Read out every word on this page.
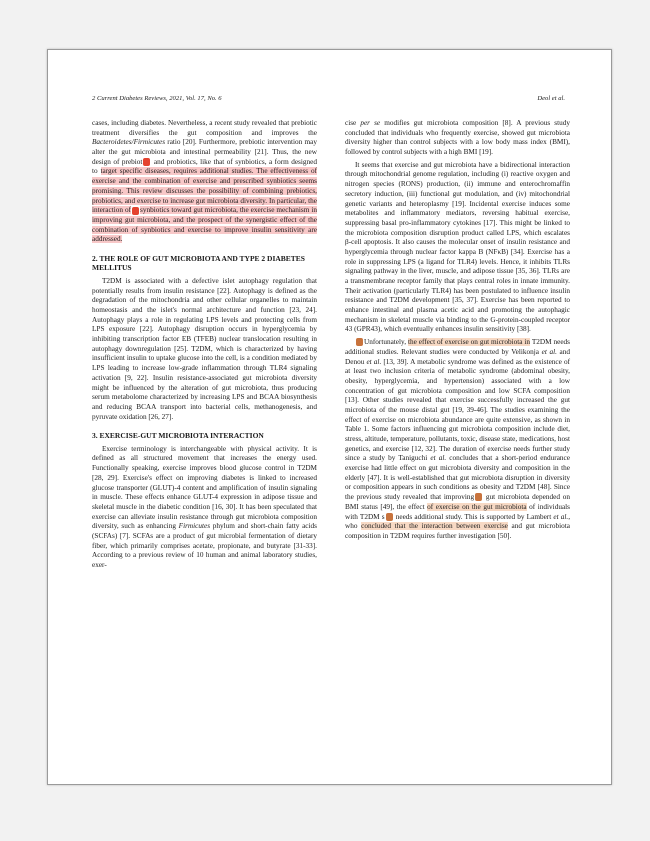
2 Current Diabetes Reviews, 2021, Vol. 17, No. 6	Deol et al.

cases, including diabetes. Nevertheless, a recent study revealed that prebiotic treatment diversifies the gut composition and improves the Bacteroidetes/Firmicutes ratio [20]. Furthermore, prebiotic intervention may alter the gut microbiota and intestinal permeability [21]. Thus, the new design of prebiot and probiotics, like that of synbiotics, a form designed to target specific diseases, requires additional studies. The effectiveness of exercise and the combination of exercise and prescribed synbiotics seems promising. This review discusses the possibility of combining prebiotics, probiotics, and exercise to increase gut microbiota diversity. In particular, the interaction of synbiotics toward gut microbiota, the exercise mechanism in improving gut microbiota, and the prospect of the synergistic effect of the combination of synbiotics and exercise to improve insulin sensitivity are addressed.

2. THE ROLE OF GUT MICROBIOTA AND TYPE 2 DIABETES MELLITUS

T2DM is associated with a defective islet autophagy regulation that potentially results from insulin resistance [22]. Autophagy is defined as the degradation of the mitochondria and other cellular organelles to maintain homeostasis and the islet's normal architecture and function [23, 24]. Autophagy plays a role in regulating LPS levels and protecting cells from LPS exposure [22]. Autophagy disruption occurs in hyperglycemia by inhibiting transcription factor EB (TFEB) nuclear translocation resulting in autophagy downregulation [25]. T2DM, which is characterized by having insufficient insulin to uptake glucose into the cell, is a condition mediated by LPS leading to increase low-grade inflammation through TLR4 signaling activation [9, 22]. Insulin resistance-associated gut microbiota diversity might be influenced by the alteration of gut microbiota, thus producing serum metabolome characterized by increasing LPS and BCAA biosynthesis and reducing BCAA transport into bacterial cells, methanogenesis, and pyruvate oxidation [26, 27].

3. EXERCISE-GUT MICROBIOTA INTERACTION

Exercise terminology is interchangeable with physical activity. It is defined as all structured movement that increases the energy used. Functionally speaking, exercise improves blood glucose control in T2DM [28, 29]. Exercise's effect on improving diabetes is linked to increased glucose transporter (GLUT)-4 content and amplification of insulin signaling in muscle. These effects enhance GLUT-4 expression in adipose tissue and skeletal muscle in the diabetic condition [16, 30]. It has been speculated that exercise can alleviate insulin resistance through gut microbiota composition diversity, such as enhancing Firmicutes phylum and short-chain fatty acids (SCFAs) [7]. SCFAs are a product of gut microbial fermentation of dietary fiber, which primarily comprises acetate, propionate, and butyrate [31-33]. According to a previous review of 10 human and animal laboratory studies, exer-

cise per se modifies gut microbiota composition [8]. A previous study concluded that individuals who frequently exercise, showed gut microbiota diversity higher than control subjects with a low body mass index (BMI), followed by control subjects with a high BMI [19].

It seems that exercise and gut microbiota have a bidirectional interaction through mitochondrial genome regulation, including (i) reactive oxygen and nitrogen species (RONS) production, (ii) immune and enterochromaffin secretory induction, (iii) functional gut modulation, and (iv) mitochondrial genetic variants and heteroplasmy [19]. Incidental exercise induces some metabolites and inflammatory mediators, reversing habitual exercise, suppressing basal pro-inflammatory cytokines [17]. This might be linked to the microbiota composition disruption product called LPS, which escalates β-cell apoptosis. It also causes the molecular onset of insulin resistance and hyperglycemia through nuclear factor kappa B (NFκB) [34]. Exercise has a role in suppressing LPS (a ligand for TLR4) levels. Hence, it inhibits TLRs signaling pathway in the liver, muscle, and adipose tissue [35, 36]. TLRs are a transmembrane receptor family that plays central roles in innate immunity. Their activation (particularly TLR4) has been postulated to influence insulin resistance and T2DM development [35, 37]. Exercise has been reported to enhance intestinal and plasma acetic acid and promoting the autophagic mechanism in skeletal muscle via binding to the G-protein-coupled receptor 43 (GPR43), which eventually enhances insulin sensitivity [38].

Unfortunately, the effect of exercise on gut microbiota in T2DM needs additional studies. Relevant studies were conducted by Velikonja et al. and Denou et al. [13, 39]. A metabolic syndrome was defined as the existence of at least two inclusion criteria of metabolic syndrome (abdominal obesity, obesity, hyperglycemia, and hypertension) associated with a low concentration of gut microbiota composition and low SCFA composition [13]. Other studies revealed that exercise successfully increased the gut microbiota of the mouse distal gut [19, 39-46]. The studies examining the effect of exercise on microbiota abundance are quite extensive, as shown in Table 1. Some factors influencing gut microbiota composition include diet, stress, altitude, temperature, pollutants, toxic, disease state, medications, host genetics, and exercise [12, 32]. The duration of exercise needs further study since a study by Taniguchi et al. concludes that a short-period endurance exercise had little effect on gut microbiota diversity and composition in the elderly [47]. It is well-established that gut microbiota disruption in diversity or composition appears in such conditions as obesity and T2DM [48]. Since the previous study revealed that improving gut microbiota depended on BMI status [49], the effect of exercise on the gut microbiota of individuals with T2DM s needs additional study. This is supported by Lambert et al., who concluded that the interaction between exercise and gut microbiota composition in T2DM requires further investigation [50].
